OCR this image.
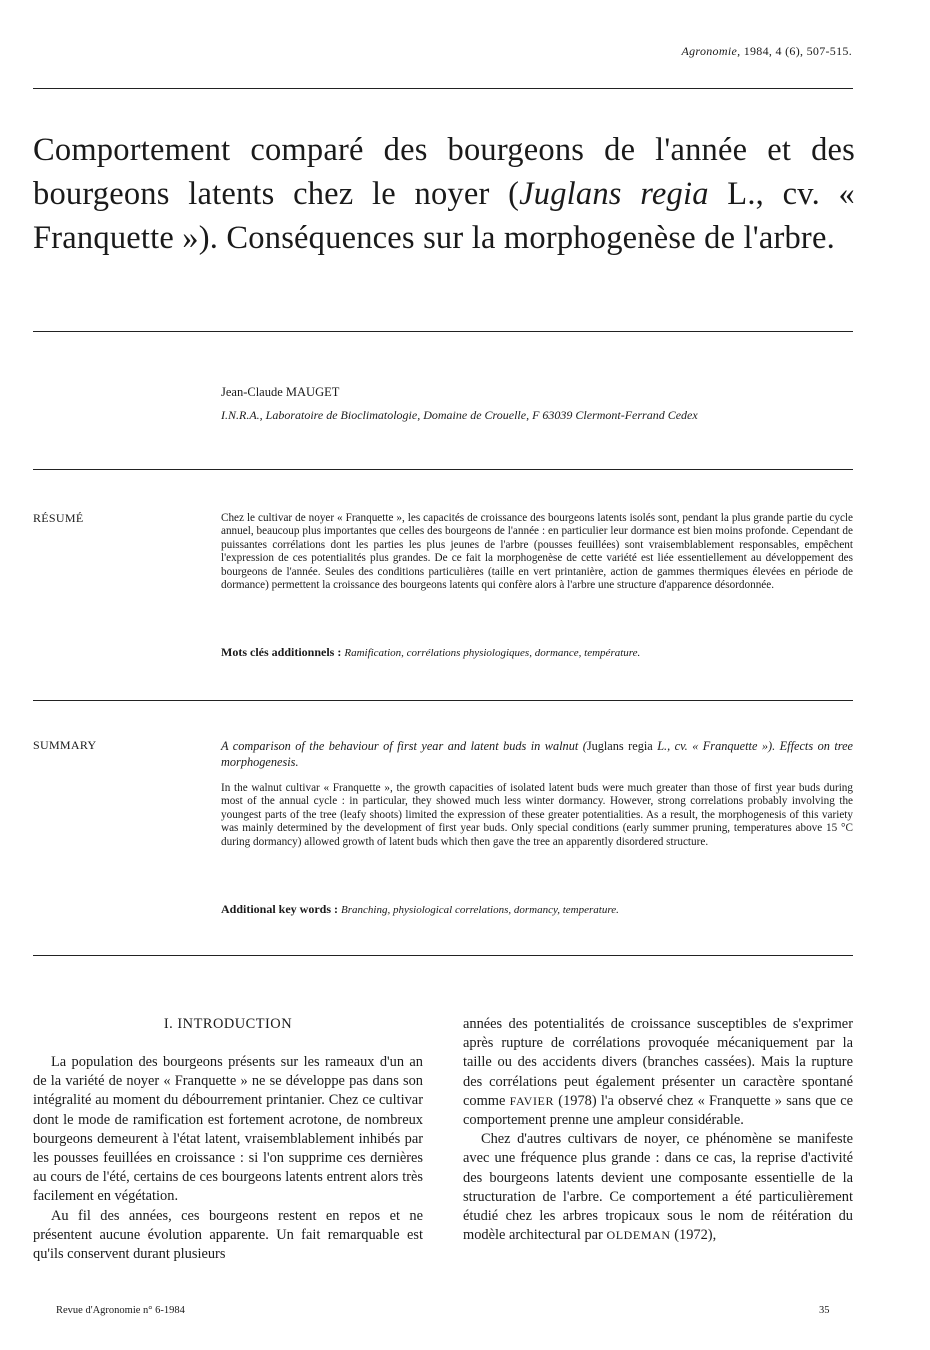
Agronomie, 1984, 4 (6), 507-515.
Comportement comparé des bourgeons de l'année et des bourgeons latents chez le noyer (Juglans regia L., cv. « Franquette »). Conséquences sur la morphogenèse de l'arbre.
Jean-Claude MAUGET
I.N.R.A., Laboratoire de Bioclimatologie, Domaine de Crouelle, F 63039 Clermont-Ferrand Cedex
RÉSUMÉ	Chez le cultivar de noyer « Franquette », les capacités de croissance des bourgeons latents isolés sont, pendant la plus grande partie du cycle annuel, beaucoup plus importantes que celles des bourgeons de l'année : en particulier leur dormance est bien moins profonde. Cependant de puissantes corrélations dont les parties les plus jeunes de l'arbre (pousses feuillées) sont vraisemblablement responsables, empêchent l'expression de ces potentialités plus grandes. De ce fait la morphogenèse de cette variété est liée essentiellement au développement des bourgeons de l'année. Seules des conditions particulières (taille en vert printanière, action de gammes thermiques élevées en période de dormance) permettent la croissance des bourgeons latents qui confère alors à l'arbre une structure d'apparence désordonnée.
Mots clés additionnels : Ramification, corrélations physiologiques, dormance, température.
SUMMARY	A comparison of the behaviour of first year and latent buds in walnut (Juglans regia L., cv. « Franquette »). Effects on tree morphogenesis.
In the walnut cultivar « Franquette », the growth capacities of isolated latent buds were much greater than those of first year buds during most of the annual cycle : in particular, they showed much less winter dormancy. However, strong correlations probably involving the youngest parts of the tree (leafy shoots) limited the expression of these greater potentialities. As a result, the morphogenesis of this variety was mainly determined by the development of first year buds. Only special conditions (early summer pruning, temperatures above 15 °C during dormancy) allowed growth of latent buds which then gave the tree an apparently disordered structure.
Additional key words : Branching, physiological correlations, dormancy, temperature.
I. INTRODUCTION

La population des bourgeons présents sur les rameaux d'un an de la variété de noyer « Franquette » ne se développe pas dans son intégralité au moment du débourrement printanier. Chez ce cultivar dont le mode de ramification est fortement acrotone, de nombreux bourgeons demeurent à l'état latent, vraisemblablement inhibés par les pousses feuillées en croissance : si l'on supprime ces dernières au cours de l'été, certains de ces bourgeons latents entrent alors très facilement en végétation.

Au fil des années, ces bourgeons restent en repos et ne présentent aucune évolution apparente. Un fait remarquable est qu'ils conservent durant plusieurs

années des potentialités de croissance susceptibles de s'exprimer après rupture de corrélations provoquée mécaniquement par la taille ou des accidents divers (branches cassées). Mais la rupture des corrélations peut également présenter un caractère spontané comme FAVIER (1978) l'a observé chez « Franquette » sans que ce comportement prenne une ampleur considérable.

Chez d'autres cultivars de noyer, ce phénomène se manifeste avec une fréquence plus grande : dans ce cas, la reprise d'activité des bourgeons latents devient une composante essentielle de la structuration de l'arbre. Ce comportement a été particulièrement étudié chez les arbres tropicaux sous le nom de réitération du modèle architectural par OLDEMAN (1972),

Revue d'Agronomie n° 6-1984	35
